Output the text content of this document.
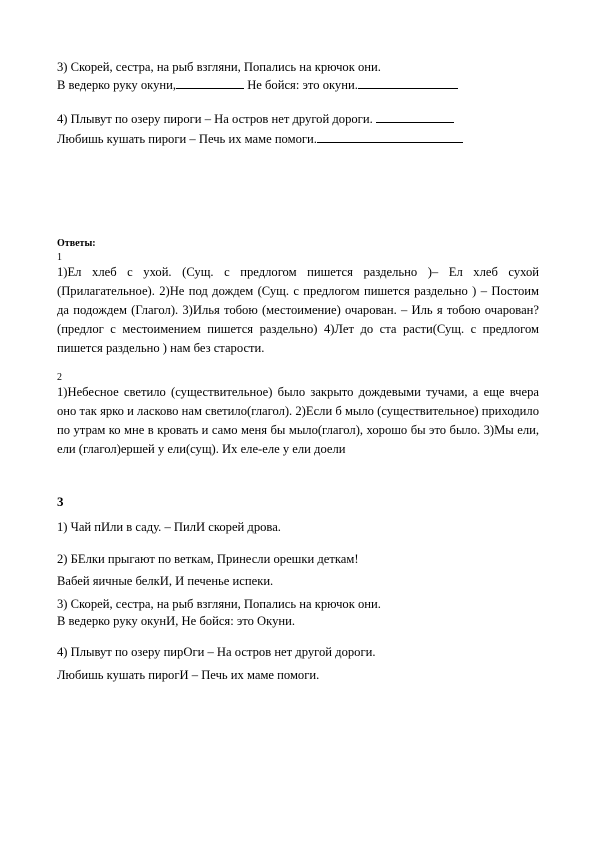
3) Скорей, сестра, на рыб взгляни, Попались на крючок они.
В ведерко руку окуни,	Не бойся: это окуни.
4) Плывут по озеру пироги – На остров нет другой дороги.
Любишь кушать пироги – Печь их маме помоги.
Ответы:
1
1)Ел хлеб с ухой. (Сущ. с предлогом пишется раздельно )– Ел хлеб сухой (Прилагательное). 2)Не под дождем (Сущ. с предлогом пишется раздельно ) – Постоим да подождем (Глагол). 3)Илья тобою (местоимение) очарован. – Иль я тобою очарован? (предлог с местоимением пишется раздельно) 4)Лет до ста расти(Сущ. с предлогом пишется раздельно ) нам без старости.
2
1)Небесное светило (существительное) было закрыто дождевыми тучами, а еще вчера оно так ярко и ласково нам светило(глагол). 2)Если б мыло (существительное) приходило по утрам ко мне в кровать и само меня бы мыло(глагол), хорошо бы это было. 3)Мы ели, ели (глагол)ершей у ели(сущ). Их еле-еле у ели доели
3
1) Чай пИли в саду. – ПилИ скорей дрова.
2) БЕлки прыгают по веткам, Принесли орешки деткам!
Вабей яичные белкИ, И печенье испеки.
3) Скорей, сестра, на рыб взгляни, Попались на крючок они.
В ведерко руку окунИ, Не бойся: это Окуни.
4) Плывут по озеру пирОги – На остров нет другой дороги.
Любишь кушать пирогИ – Печь их маме помоги.
